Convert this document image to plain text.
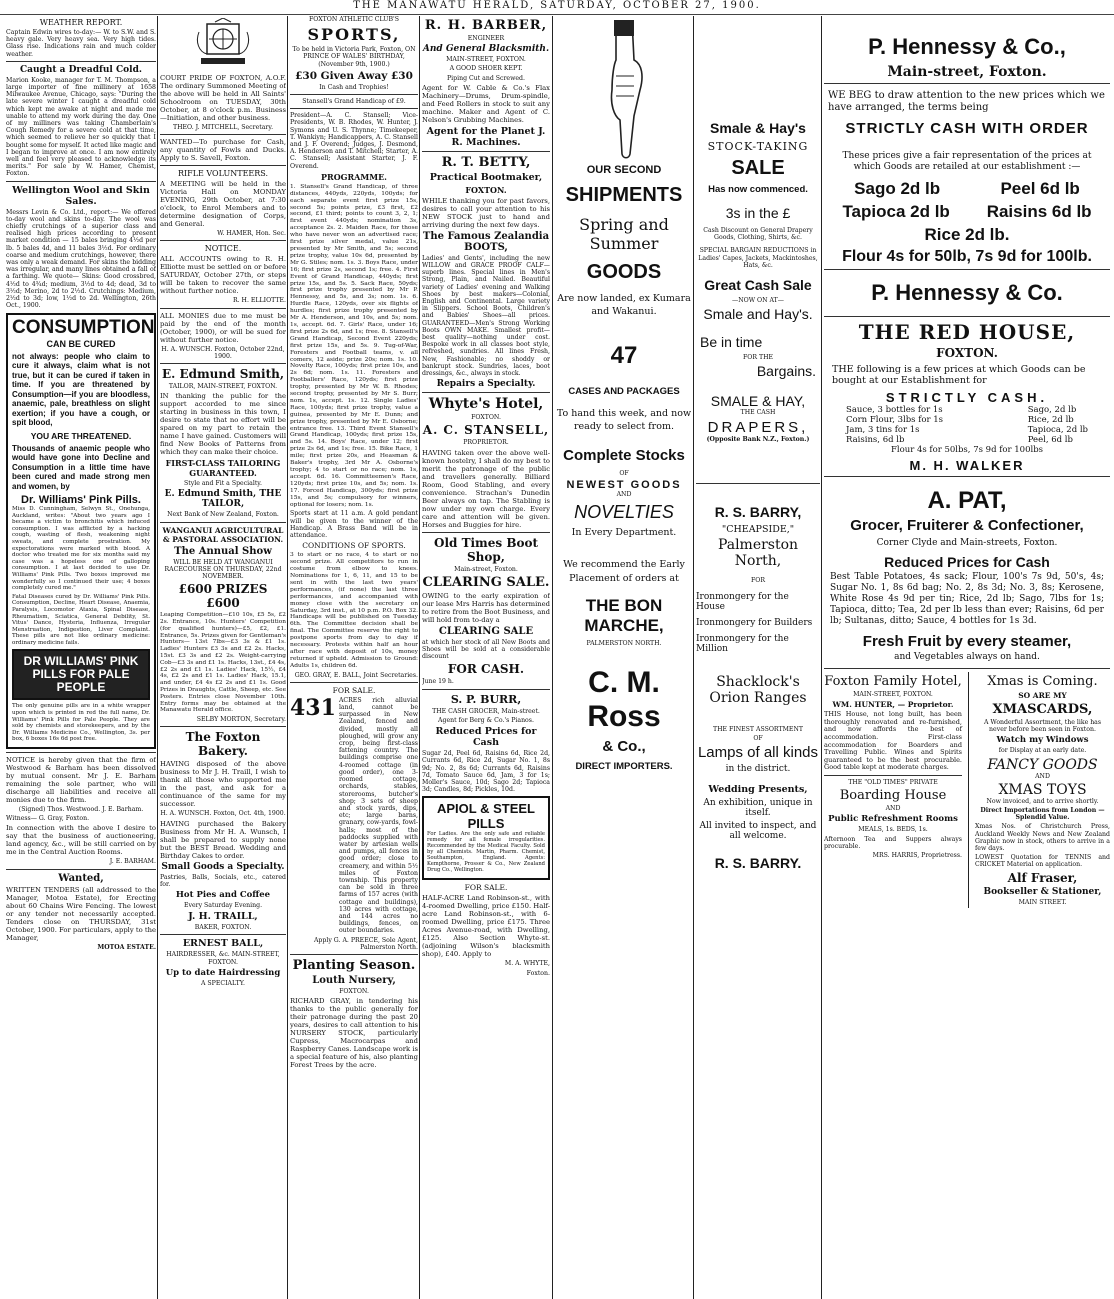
THE MANAWATU HERALD, SATURDAY, OCTOBER 27, 1900.
WEATHER REPORT.

Captain Edwin wires to-day:— W. to S.W. and S. heavy gale. Very heavy sea. Very high tides. Glass rise. Indications rain and much colder weather.

Caught a Dreadful Cold.

Marion Kooke, manager for T. M. Thompson, a large importer of fine millinery at 1658 Milwaukee Avenue, Chicago, says: "During the late severe winter I caught a dreadful cold which kept me awake at night and made me unable to attend my work during the day. One of my milliners was taking Chamberlain's Cough Remedy for a severe cold at that time, which seemed to relieve her so quickly that I bought some for myself. It acted like magic and I began to improve at once. I am now entirely well and feel very pleased to acknowledge its merits." For sale by W. Hamer, Chemist, Foxton.

Wellington Wool and Skin Sales.

Messrs Levin & Co. Ltd., report:— We offered to-day wool and skins to-day. The wool was chiefly crutchings of a superior class and realised high prices according to present market condition — 15 bales bringing 4½d per lb. 5 bales 4d, and 11 bales 3½d. For ordinary coarse and medium crutchings, however, there was only a weak demand. For skins the bidding was irregular, and many lines obtained a fall of a farthing. We quote— Skins: Good crossbred, 4½d to 4¾d; medium, 3½d to 4d; dead, 3d to 3½d; Merino, 2d to 2½d. Crutchings: Medium, 2½d to 3d; low, 1½d to 2d. Wellington, 26th Oct., 1900.

CONSUMPTION
CAN BE CURED

not always: people who claim to cure it always, claim what is not true, but it can be cured if taken in time. If you are threatened by Consumption—if you are bloodless, anaemic, pale, breathless on slight exertion; if you have a cough, or spit blood,

YOU ARE THREATENED.

Thousands of anaemic people who would have gone into Decline and Consumption in a little time have been cured and made strong men and women, by

Dr. Williams' Pink Pills.

Miss D. Cunningham, Selwyn St., Onehunga, Auckland, writes: "About two years ago I became a victim to bronchitis which induced consumption. I was afflicted by a hacking cough, wasting of flesh, weakening night sweats, and complete prostration. My expectorations were marked with blood. A doctor who treated me for six months said my case was a hopeless one of galloping consumption. I at last decided to use Dr. Williams' Pink Pills. Two boxes improved me wonderfully so I continued their use; 4 boxes completely cured me."

Fatal Diseases cured by Dr. Williams' Pink Pills. Consumption, Decline, Heart Disease, Anaemia, Paralysis, Locomotor Ataxia, Spinal Disease, Rheumatism, Sciatica, General Debility, St. Vitus' Dance, Hysteria, Influenza, Irregular Menstruation, Indigestion, Liver Complaint. These pills are not like ordinary medicine: ordinary medicine fails.

DR WILLIAMS' PINK PILLS FOR PALE PEOPLE

The only genuine pills are in a white wrapper upon which is printed in red the full name, Dr. Williams' Pink Pills for Pale People. They are sold by chemists and storekeepers, and by the Dr. Williams Medicine Co., Wellington, 3s. per box, 6 boxes 16s 6d post free.

NOTICE is hereby given that the firm of Westwood & Barham has been dissolved by mutual consent. Mr J. E. Barham remaining the sole partner, who will discharge all liabilities and receive all monies due to the firm.

(Signed) Thos. Westwood. J. E. Barham.

Witness— G. Gray, Foxton.

In connection with the above I desire to say that the business of auctioneering, land agency, &c., will be still carried on by me in the Central Auction Rooms.

J. E. BARHAM.

Wanted,

WRITTEN TENDERS (all addressed to the Manager, Motoa Estate), for Erecting about 60 Chains Wire Fencing. The lowest or any tender not necessarily accepted. Tenders close on THURSDAY, 31st October, 1900. For particulars, apply to the Manager,

MOTOA ESTATE.

COURT PRIDE OF FOXTON, A.O.F. The ordinary Summoned Meeting of the above will be held in All Saints' Schoolroom on TUESDAY, 30th October, at 8 o'clock p.m. Business—Initiation, and other business.

THEO. J. MITCHELL, Secretary.

WANTED—To purchase for Cash, any quantity of Fowls and Ducks. Apply to S. Savell, Foxton.

RIFLE VOLUNTEERS.

A MEETING will be held in the Victoria Hall on MONDAY EVENING, 29th October, at 7:30 o'clock, to Enrol Members and to determine designation of Corps, and General.

W. HAMER, Hon. Sec.

NOTICE.

ALL ACCOUNTS owing to R. H. Elliotte must be settled on or before SATURDAY, October 27th, or steps will be taken to recover the same without further notice.

R. H. ELLIOTTE.

ALL MONIES due to me must be paid by the end of the month (October, 1900), or will be sued for without further notice.

H. A. WUNSCH. Foxton, October 22nd, 1900.

E. Edmund Smith,

TAILOR, MAIN-STREET, FOXTON.

IN thanking the public for the support accorded to me since starting in business in this town, I desire to state that no effort will be spared on my part to retain the name I have gained. Customers will find New Books of Patterns from which they can make their choice.

FIRST-CLASS TAILORING GUARANTEED.

Style and Fit a Specialty.

E. Edmund Smith, THE TAILOR,

Next Bank of New Zealand, Foxton.

WANGANUI AGRICULTURAL & PASTORAL ASSOCIATION.
The Annual Show

WILL BE HELD AT WANGANUI RACECOURSE ON THURSDAY, 22nd NOVEMBER.

£600 PRIZES £600

Leaping Competition—£10 10s, £5 5s, £2 2s. Entrance, 10s. Hunters' Competition (for qualified hunters)—£5, £2, £1. Entrance, 5s. Prizes given for Gentleman's Hunters— 13st 7lbs—£3 3s & £1 1s. Ladies' Hunters £3 3s and £2 2s. Hacks, 15st. £3 3s and £2 2s. Weight-carrying Cob—£3 3s and £1 1s. Hacks, 13st., £4 4s, £2 2s and £1 1s. Ladies' Hack, 15½, £4 4s, £2 2s and £1 1s. Ladies' Hack, 15.1, and under, £4 4s £2 2s and £1 1s. Good Prizes in Draughts, Cattle, Sheep, etc. See Posters. Entries close November 10th. Entry forms may be obtained at the Manawatu Herald office.

SELBY MORTON, Secretary.

The Foxton Bakery.

HAVING disposed of the above business to Mr J. H. Traill, I wish to thank all those who supported me in the past, and ask for a continuance of the same for my successor.

H. A. WUNSCH. Foxton, Oct. 4th, 1900.

HAVING purchased the Bakery Business from Mr H. A. Wunsch, I shall be prepared to supply none but the BEST Bread. Wedding and Birthday Cakes to order.

Small Goods a Specialty.

Pastries, Balls, Socials, etc., catered for.

Hot Pies and Coffee

Every Saturday Evening.

J. H. TRAILL,

BAKER, FOXTON.

ERNEST BALL,

HAIRDRESSER, &c. MAIN-STREET, FOXTON.

Up to date Hairdressing

A SPECIALTY.

FOXTON ATHLETIC CLUB'S

SPORTS,

To be held in Victoria Park, Foxton, ON PRINCE OF WALES' BIRTHDAY, (November 9th, 1900.)

£30 Given Away £30

In Cash and Trophies!

Stansell's Grand Handicap of £9.

President—A. C. Stansell; Vice-Presidents, W. B. Rhodes, W. Hunter, J. Symons and U. S. Thynne; Timekeeper, T. Wankiyn; Handicappers, A. C. Stansell and J. F. Overend; Judges, J. Desmond, A. Henderson and T. Mitchell; Starter, A. C. Stansell; Assistant Starter, J. F. Overend.

PROGRAMME.

1. Stansell's Grand Handicap, of three distances, 440yds, 220yds, 100yds; for each separate event first prize 15s, second 5s; points prize, £3 first, £2 second, £1 third; points to count 3, 2, 1; first event 440yds; nomination 3s, acceptance 2s. 2. Maiden Race, for those who have never won an advertised race; first prize silver medal, value 21s, presented by Mr Smith, and 5s; second prize trophy, value 10s 6d, presented by Mr G. Stiles; nom. 1s. 3. Boys Race, under 16; first prize 2s, second 1s; free. 4. First Event of Grand Handicap, 440yds; first prize 15s, and 5s. 5. Sack Race, 50yds; first prize trophy presented by Mr P. Hennessy, and 5s, and 3s; nom. 1s. 6. Hurdle Race, 120yds, over six flights of hurdles; first prize trophy presented by Mr A. Henderson, and 10s, and 5s; nom. 1s, accept. 6d. 7. Girls' Race, under 16; first prize 2s 6d, and 1s; free. 8. Stansell's Grand Handicap, Second Event 220yds; first prize 15s, and 5s. 9. Tug-of-War, Foresters and Football teams, v. all comers, 12 aside; prize 20s; nom. 1s. 10. Novelty Race, 100yds; first prize 10s, and 2s 6d; nom. 1s. 11. Foresters and Footballers' Race, 120yds; first prize trophy, presented by Mr W. B. Rhodes; second trophy, presented by Mr S. Burr; nom. 1s, accept. 1s. 12. Single Ladies' Race, 100yds; first prize trophy, value a guinea, presented by Mr E. Dunn; and prize trophy, presented by Mr E. Osborne; entrance free. 13. Third Event Stansell's Grand Handicap, 100yds; first prize 15s, and 5s. 14. Boys' Race, under 12; first prize 2s 6d, and 1s; free. 15. Bike Race, 1 mile; first prize 20s, and Heasman & Baker's trophy, 3rd Mr A. Osborne's trophy; 4 to start or no race; nom. 1s, accept. 6d. 16. Committeemen's Race, 120yds; first prize 10s, and 5s; nom. 1s. 17. Forced Handicap, 300yds; first prize 15s, and 5s; compulsory for winners, optional for losers; nom. 1s.

Sports start at 11 a.m. A gold pendant will be given to the winner of the Handicap. A Brass Band will be in attendance.

CONDITIONS OF SPORTS.

3 to start or no race, 4 to start or no second prize. All competitors to run in costume from elbow to knees. Nominations for 1, 6, 11, and 15 to be sent in with the last two years' performances, (if none) the last three performances, and accompanied with money close with the secretary on Saturday, 3rd inst., at 10 p.m. P.O. Box 32. Handicaps will be published on Tuesday 6th. The Committee decision shall be final. The Committee reserve the right to postpone sports from day to day if necessary. Protests within half an hour after race with deposit of 10s, money returned if upheld. Admission to Ground: Adults 1s, children 6d.

GEO. GRAY, E. BALL, Joint Secretaries.

FOR SALE.
431 ACRES rich alluvial land, cannot be surpassed in New Zealand, fenced and divided, mostly all ploughed, will grow any crop, being first-class fattening country. The buildings comprise one 4-roomed cottage (in good order), one 3-roomed cottage, orchards, stables, storerooms, butcher's shop; 3 sets of sheep and stock yards, dips, etc; large barns, granary, cow-yards, fowl-halls; most of the paddocks supplied with water by artesian wells and pumps, all fences in good order; close to creamery, and within 5½ miles of Foxton township. This property can be sold in three farms of 157 acres (with cottage and buildings), 130 acres with cottage, and 144 acres no buildings, fences, on outer boundaries.

Apply G. A. PREECE, Sole Agent, Palmerston North.

Planting Season.
Louth Nursery,

FOXTON.

RICHARD GRAY, in tendering his thanks to the public generally for their patronage during the past 20 years, desires to call attention to his NURSERY STOCK, particularly Cupress, Macrocarpas and Raspberry Canes. Landscape work is a special feature of his, also planting Forest Trees by the acre.

R. H. BARBER,

ENGINEER

And General Blacksmith.

MAIN-STREET, FOXTON.

A GOOD SHOER KEPT.

Piping Cut and Screwed.

Agent for W. Cable & Co.'s Flax Machinery—Drums, Drum-spindle, and Feed Rollers in stock to suit any machine. Maker and Agent of C. Nelson's Grubbing Machines.

Agent for the Planet J. R. Machines.
R. T. BETTY,
Practical Bootmaker,
FOXTON.

WHILE thanking you for past favors, desires to call your attention to his NEW STOCK just to hand and arriving during the next few days.

The Famous Zealandia BOOTS,

Ladies' and Gents', including the new WILLOW and GRACE PROOF CALF—superb lines. Special lines in Men's Strong, Plain, and Nailed. Beautiful variety of Ladies' evening and Walking Shoes by best makers—Colonial, English and Continental. Large variety in Slippers. School Boots, Children's and Babies' Shoes—all prices. GUARANTEED—Men's Strong Working Boots OWN MAKE. Smallest profit—best quality—nothing under cost. Bespoke work in all classes boot style, refreshed, sundries. All lines Fresh, New, Fashionable; no shoddy or bankrupt stock. Sundries, laces, boot dressings, &c., always in stock.

Repairs a Specialty.
Whyte's Hotel,

FOXTON.

A. C. STANSELL,

PROPRIETOR.

HAVING taken over the above well-known hostelry, I shall do my best to merit the patronage of the public and travellers generally. Billiard Room, Good Stabling, and every convenience. Strachan's Dunedin Beer always on tap. The Stabling is now under my own charge. Every care and attention will be given. Horses and Buggies for hire.

Old Times Boot Shop,

Main-street, Foxton.

CLEARING SALE.

OWING to the early expiration of our lease Mrs Harris has determined to retire from the Boot Business, and will hold from to-day a

CLEARING SALE

at which her stock of all New Boots and Shoes will be sold at a considerable discount

FOR CASH.

June 19 h.

S. P. BURR,

THE CASH GROCER, Main-street.

Agent for Berg & Co.'s Pianos.

Reduced Prices for Cash

Sugar 2d, Peel 6d, Raisins 6d, Rice 2d, Currants 6d, Rice 2d, Sugar No. 1, 8s 9d; No. 2, 8s 6d; Currants 6d, Raisins 7d, Tomato Sauce 6d, Jam, 3 for 1s; Moller's Sauce, 10d; Sago 2d; Tapioca 3d; Candles, 8d; Pickles, 10d.

APIOL & STEEL PILLS

For Ladies. Are the only safe and reliable remedy for all female irregularities. Recommended by the Medical Faculty. Sold by all Chemists. Martin, Pharm. Chemist, Southampton, England. Agents: Kempthorne, Prosser & Co., New Zealand Drug Co., Wellington.

FOR SALE.

HALF-ACRE Land Robinson-st., with 4-roomed Dwelling, price £150. Half-acre Land Robinson-st., with 6-roomed Dwelling, price £175. Three Acres Avenue-road, with Dwelling, £125. Also Section Whyte-st. (adjoining Wilson's blacksmith shop), £40. Apply to

M. A. WHYTE,

Foxton.

OUR SECOND
SHIPMENTS
Spring and Summer
GOODS

Are now landed, ex Kumara and Wakanui.

47
CASES AND PACKAGES

To hand this week, and now ready to select from.

Complete Stocks

OF

NEWEST GOODS

AND

NOVELTIES

In Every Department.

We recommend the Early Placement of orders at

THE BON MARCHE,

PALMERSTON NORTH.

C. M. Ross
& Co.,
DIRECT IMPORTERS.
Smale & Hay's
STOCK-TAKING
SALE
Has now commenced.
3s in the £

Cash Discount on General Drapery Goods, Clothing, Shirts, &c.

SPECIAL BARGAIN REDUCTIONS in Ladies' Capes, Jackets, Mackintoshes, Hats, &c.

Great Cash Sale

—NOW ON AT—

Smale and Hay's.
Be in time

FOR THE

Bargains.
SMALE & HAY,

THE CASH

DRAPERS,

(Opposite Bank N.Z., Foxton.)

R. S. BARRY,
"CHEAPSIDE,"
Palmerston North,

FOR

Ironmongery for the House

Ironmongery for Builders

Ironmongery for the Million

Shacklock's Orion Ranges

THE FINEST ASSORTMENT

OF

Lamps of all kinds

in the district.

Wedding Presents,

An exhibition, unique in itself.

All invited to inspect, and all welcome.

R. S. BARRY.
P. Hennessy & Co.,
Main-street, Foxton.

WE BEG to draw attention to the new prices which we have arranged, the terms being

STRICTLY CASH WITH ORDER

These prices give a fair representation of the prices at which Goods are retailed at our establishment :—

Sago 2d lb	Peel 6d lb
Tapioca 2d lb Raisins 6d lb
Rice 2d lb.
Flour 4s for 50lb, 7s 9d for 100lb.
P. Hennessy & Co.
THE RED HOUSE,
FOXTON.

THE following is a few prices at which Goods can be bought at our Establishment for

STRICTLY CASH.
Sauce, 3 bottles for 1s
Corn Flour, 3lbs for 1s
Jam, 3 tins for 1s
Raisins, 6d lb
Sago, 2d lb
Rice, 2d lb
Tapioca, 2d lb
Peel, 6d lb
Flour 4s for 50lbs, 7s 9d for 100lbs
M. H. WALKER
A. PAT,
Grocer, Fruiterer & Confectioner,

Corner Clyde and Main-streets, Foxton.

Reduced Prices for Cash

Best Table Potatoes, 4s sack; Flour, 100's 7s 9d, 50's, 4s; Sugar No. 1, 8s 6d bag; No. 2, 8s 3d; No. 3, 8s; Kerosene, White Rose 4s 9d per tin; Rice, 2d lb; Sago, 7lbs for 1s; Tapioca, ditto; Tea, 2d per lb less than ever; Raisins, 6d per lb; Sultanas, ditto; Sauce, 4 bottles for 1s 3d.

Fresh Fruit by every steamer,

and Vegetables always on hand.

Foxton Family Hotel,

MAIN-STREET, FOXTON.

WM. HUNTER, — Proprietor.

THIS House, not long built, has been thoroughly renovated and re-furnished, and now affords the best of accommodation. First-class accommodation for Boarders and Travelling Public. Wines and Spirits guaranteed to be the best procurable. Good table kept at moderate charges.

THE "OLD TIMES" PRIVATE

Boarding House

AND

Public Refreshment Rooms

MEALS, 1s. BEDS, 1s.

Afternoon Tea and Suppers always procurable.

MRS. HARRIS, Proprietress.

Xmas is Coming.
SO ARE MY
XMASCARDS,

A Wonderful Assortment, the like has never before been seen in Foxton.

Watch my Windows

for Display at an early date.

FANCY GOODS

AND

XMAS TOYS

Now invoiced, and to arrive shortly.

Direct Importations from London —Splendid Value.

Xmas Nos. of Christchurch Press, Auckland Weekly News and New Zealand Graphic now in stock, others to arrive in a few days.

LOWEST Quotation for TENNIS and CRICKET Material on application.

Alf Fraser,
Bookseller & Stationer,

MAIN STREET.
